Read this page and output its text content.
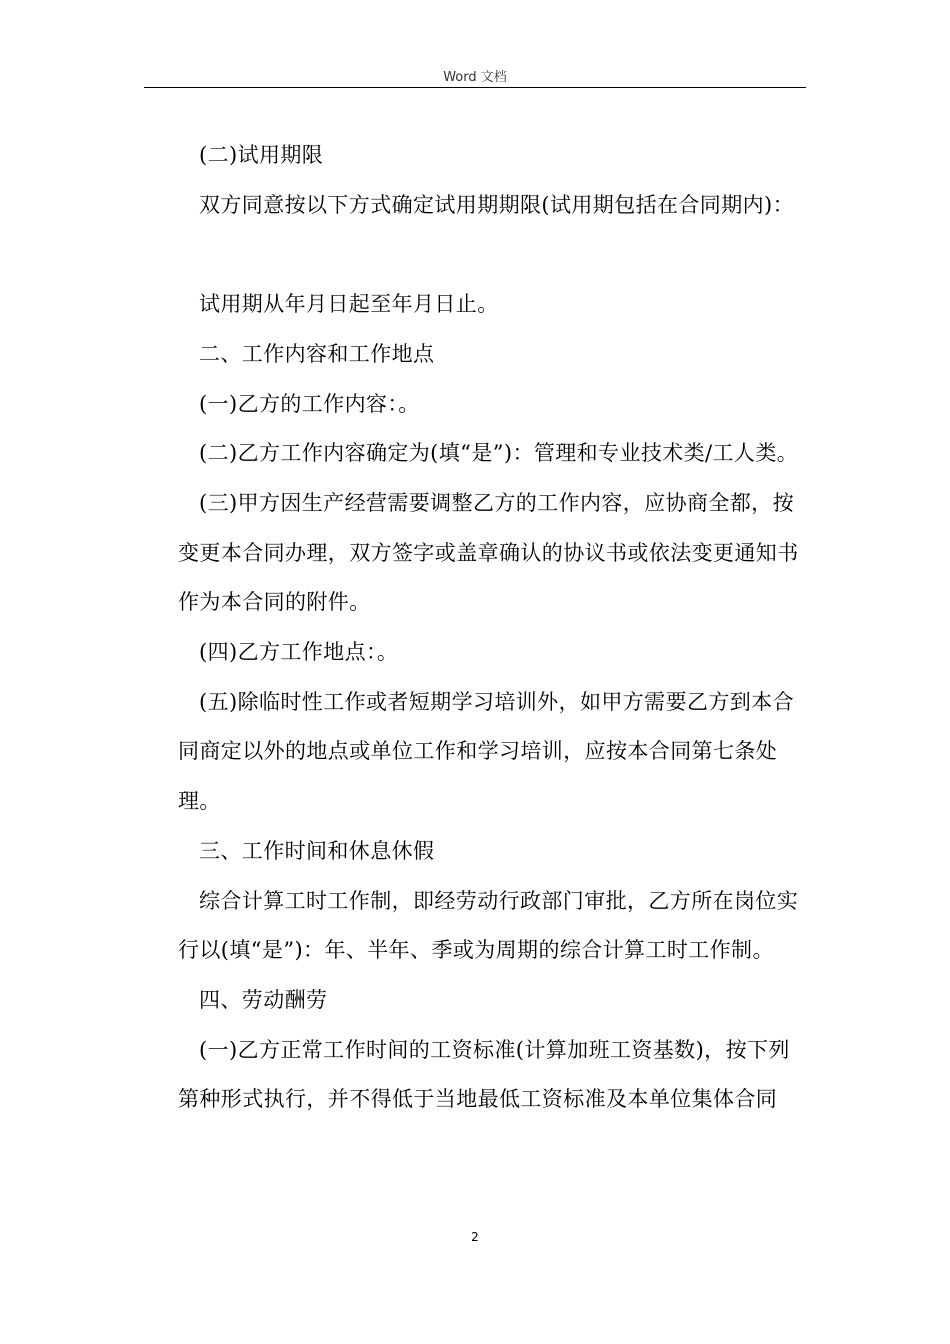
Word 文档

(二)试用期限

双方同意按以下方式确定试用期期限(试用期包括在合同期内)：

试用期从年月日起至年月日止。

二、工作内容和工作地点

(一)乙方的工作内容：。

(二)乙方工作内容确定为(填“是”)：管理和专业技术类/工人类。

(三)甲方因生产经营需要调整乙方的工作内容，应协商全都，按变更本合同办理，双方签字或盖章确认的协议书或依法变更通知书作为本合同的附件。

(四)乙方工作地点：。

(五)除临时性工作或者短期学习培训外，如甲方需要乙方到本合同商定以外的地点或单位工作和学习培训，应按本合同第七条处理。

三、工作时间和休息休假

综合计算工时工作制，即经劳动行政部门审批，乙方所在岗位实行以(填“是”)：年、半年、季或为周期的综合计算工时工作制。

四、劳动酬劳

(一)乙方正常工作时间的工资标准(计算加班工资基数)，按下列第种形式执行，并不得低于当地最低工资标准及本单位集体合同

2
